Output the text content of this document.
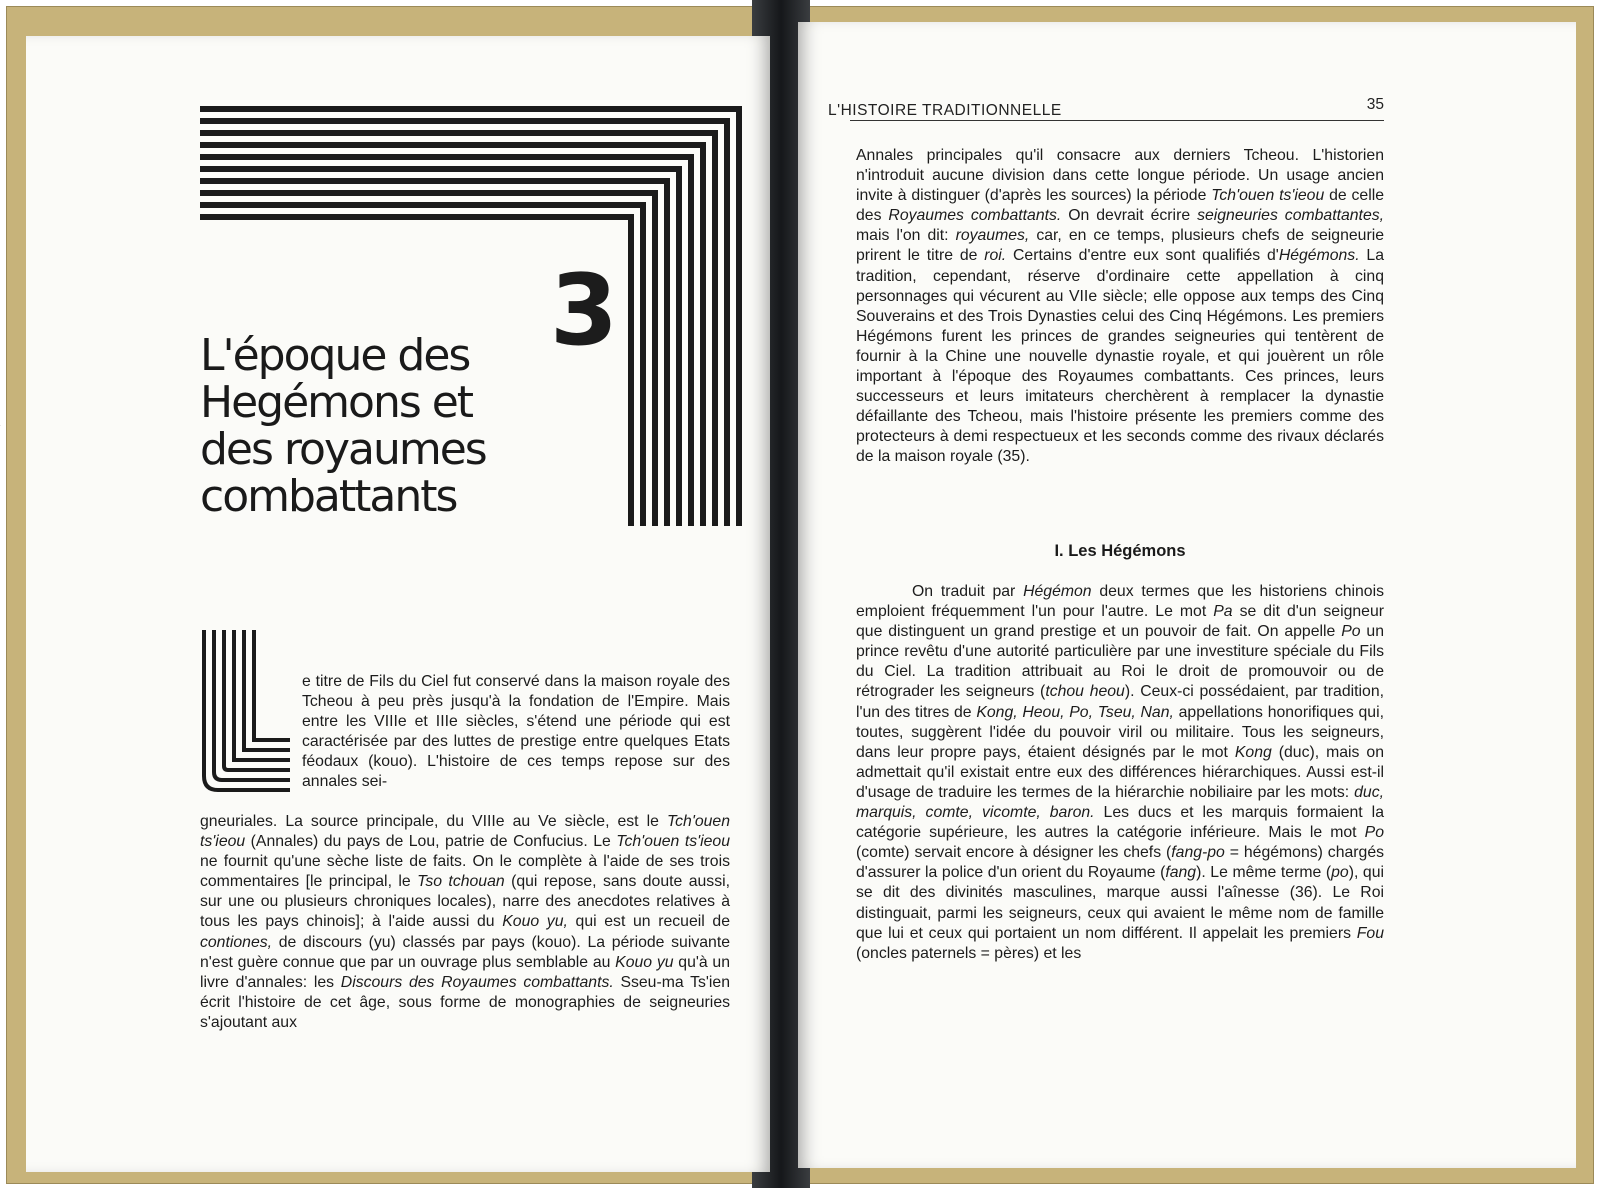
3
L'époque des
Hegémons et
des royaumes
combattants
L

e titre de Fils du Ciel fut conservé dans la maison royale des Tcheou à peu près jusqu'à la fondation de l'Empire. Mais entre les VIIIe et IIIe siècles, s'étend une période qui est caractérisée par des luttes de prestige entre quelques Etats féodaux (kouo). L'histoire de ces temps repose sur des annales sei-

gneuriales. La source principale, du VIIIe au Ve siècle, est le Tch'ouen ts'ieou (Annales) du pays de Lou, patrie de Confucius. Le Tch'ouen ts'ieou ne fournit qu'une sèche liste de faits. On le complète à l'aide de ses trois commentaires [le principal, le Tso tchouan (qui repose, sans doute aussi, sur une ou plusieurs chroniques locales), narre des anecdotes relatives à tous les pays chinois]; à l'aide aussi du Kouo yu, qui est un recueil de contiones, de discours (yu) classés par pays (kouo). La période suivante n'est guère connue que par un ouvrage plus semblable au Kouo yu qu'à un livre d'annales: les Discours des Royaumes combattants. Sseu-ma Ts'ien écrit l'histoire de cet âge, sous forme de monographies de seigneuries s'ajoutant aux

L'HISTOIRE TRADITIONNELLE	35

Annales principales qu'il consacre aux derniers Tcheou. L'historien n'introduit aucune division dans cette longue période. Un usage ancien invite à distinguer (d'après les sources) la période Tch'ouen ts'ieou de celle des Royaumes combattants. On devrait écrire seigneuries combattantes, mais l'on dit: royaumes, car, en ce temps, plusieurs chefs de seigneurie prirent le titre de roi. Certains d'entre eux sont qualifiés d'Hégémons. La tradition, cependant, réserve d'ordinaire cette appellation à cinq personnages qui vécurent au VIIe siècle; elle oppose aux temps des Cinq Souverains et des Trois Dynasties celui des Cinq Hégémons. Les premiers Hégémons furent les princes de grandes seigneuries qui tentèrent de fournir à la Chine une nouvelle dynastie royale, et qui jouèrent un rôle important à l'époque des Royaumes combattants. Ces princes, leurs successeurs et leurs imitateurs cherchèrent à remplacer la dynastie défaillante des Tcheou, mais l'histoire présente les premiers comme des protecteurs à demi respectueux et les seconds comme des rivaux déclarés de la maison royale (35).

I. Les Hégémons

On traduit par Hégémon deux termes que les historiens chinois emploient fréquemment l'un pour l'autre. Le mot Pa se dit d'un seigneur que distinguent un grand prestige et un pouvoir de fait. On appelle Po un prince revêtu d'une autorité particulière par une investiture spéciale du Fils du Ciel. La tradition attribuait au Roi le droit de promouvoir ou de rétrograder les seigneurs (tchou heou). Ceux-ci possédaient, par tradition, l'un des titres de Kong, Heou, Po, Tseu, Nan, appellations honorifiques qui, toutes, suggèrent l'idée du pouvoir viril ou militaire. Tous les seigneurs, dans leur propre pays, étaient désignés par le mot Kong (duc), mais on admettait qu'il existait entre eux des différences hiérarchiques. Aussi est-il d'usage de traduire les termes de la hiérarchie nobiliaire par les mots: duc, marquis, comte, vicomte, baron. Les ducs et les marquis formaient la catégorie supérieure, les autres la catégorie inférieure. Mais le mot Po (comte) servait encore à désigner les chefs (fang-po = hégémons) chargés d'assurer la police d'un orient du Royaume (fang). Le même terme (po), qui se dit des divinités masculines, marque aussi l'aînesse (36). Le Roi distinguait, parmi les seigneurs, ceux qui avaient le même nom de famille que lui et ceux qui portaient un nom différent. Il appelait les premiers Fou (oncles paternels = pères) et les
